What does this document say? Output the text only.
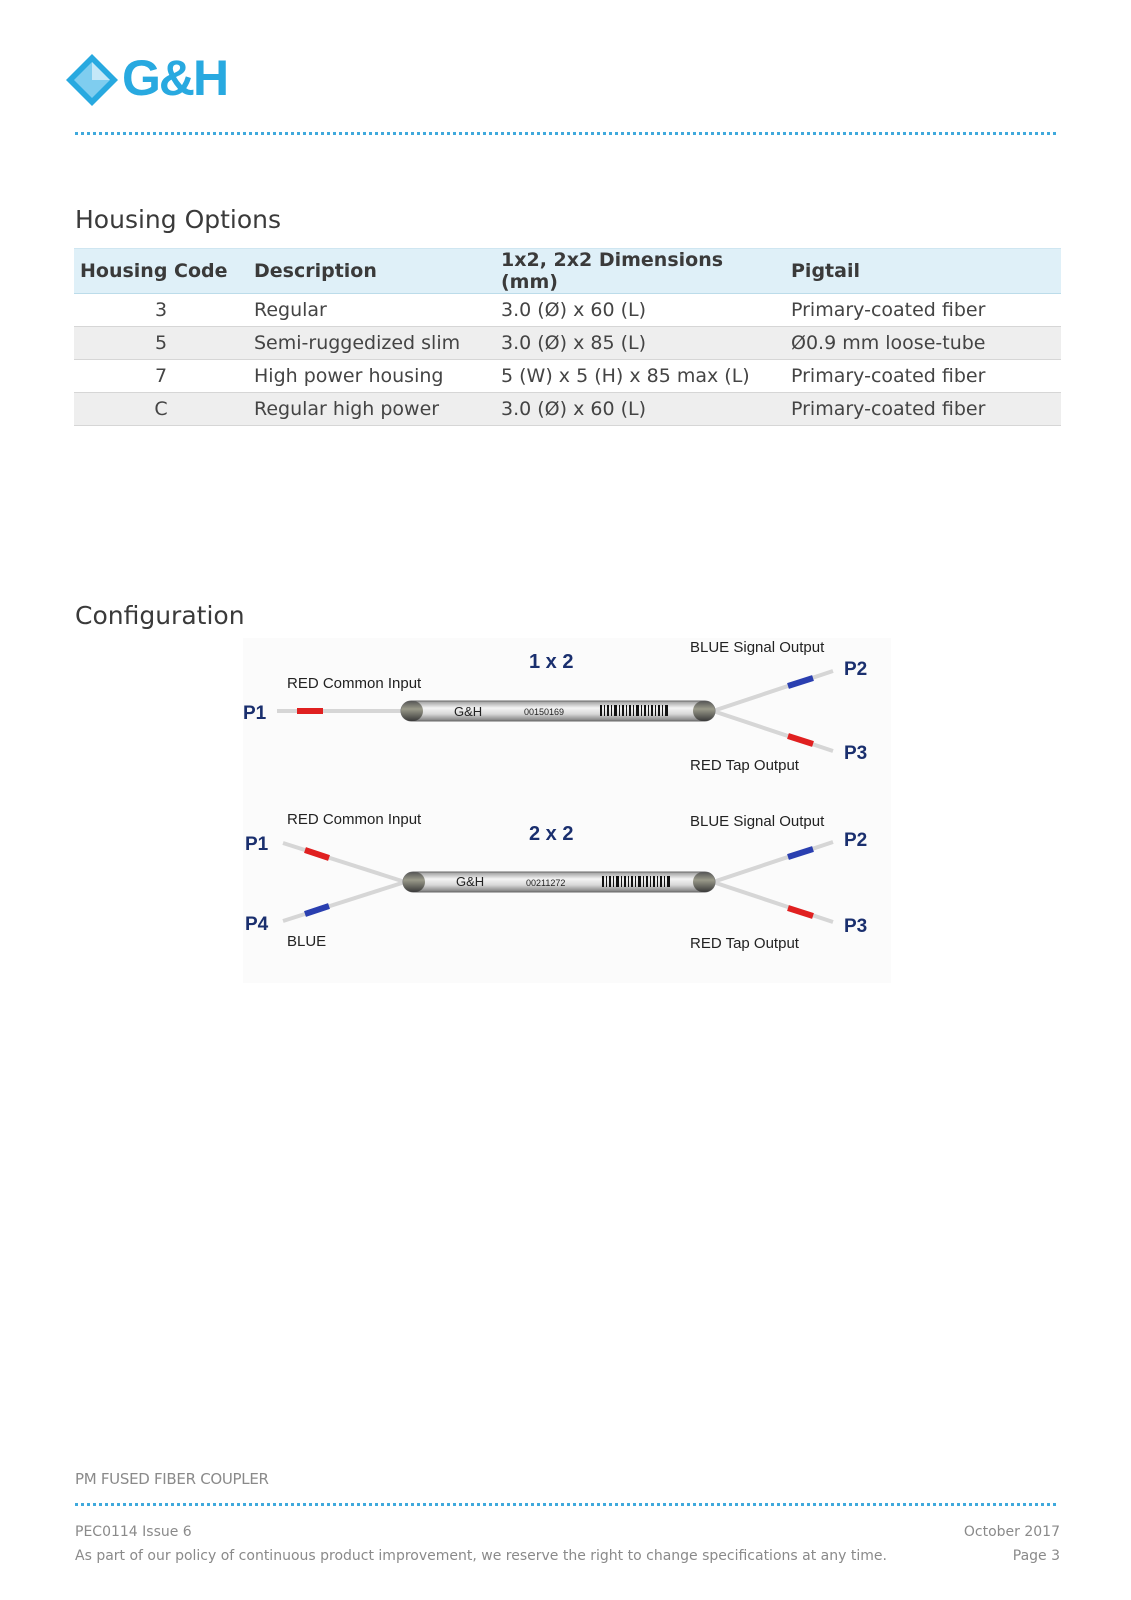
G&H
Housing Options
Housing Code	Description	1x2, 2x2 Dimensions (mm)	Pigtail
3	Regular	3.0 (Ø) x 60 (L)	Primary-coated fiber
5	Semi-ruggedized slim	3.0 (Ø) x 85 (L)	Ø0.9 mm loose-tube
7	High power housing	5 (W) x 5 (H) x 85 max (L)	Primary-coated fiber
C	Regular high power	3.0 (Ø) x 60 (L)	Primary-coated fiber
Configuration
1 x 2
RED Common Input
BLUE Signal Output
RED Tap Output
P1
P2
P3
G&H	00150169
2 x 2
RED Common Input
BLUE
BLUE Signal Output
RED Tap Output
P1
P4
P2
P3
G&H	00211272
PM FUSED FIBER COUPLER
PEC0114 Issue 6
As part of our policy of continuous product improvement, we reserve the right to change specifications at any time.
October 2017
Page 3
